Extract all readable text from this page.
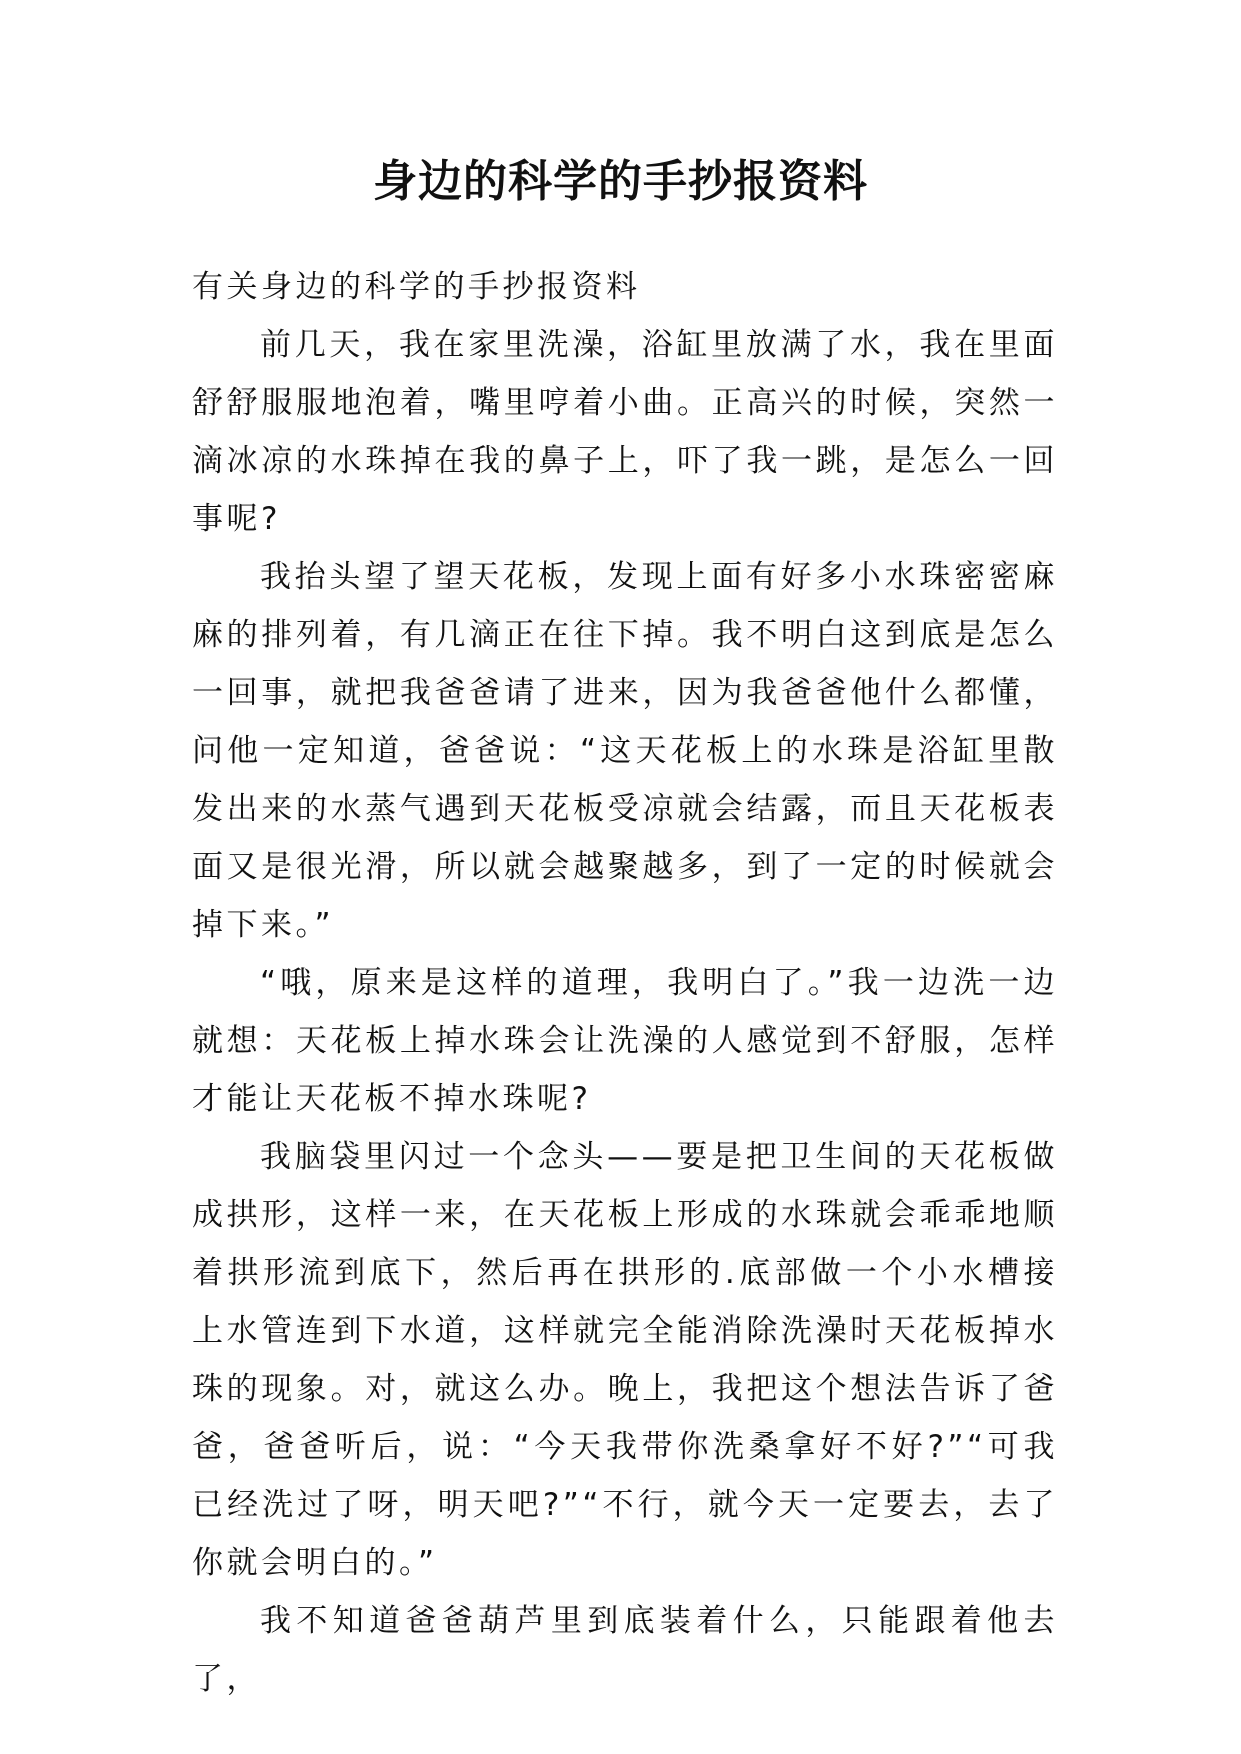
身边的科学的手抄报资料

有关身边的科学的手抄报资料

前几天，我在家里洗澡，浴缸里放满了水，我在里面舒舒服服地泡着，嘴里哼着小曲。正高兴的时候，突然一滴冰凉的水珠掉在我的鼻子上，吓了我一跳，是怎么一回事呢?

我抬头望了望天花板，发现上面有好多小水珠密密麻麻的排列着，有几滴正在往下掉。我不明白这到底是怎么一回事，就把我爸爸请了进来，因为我爸爸他什么都懂，问他一定知道，爸爸说：“这天花板上的水珠是浴缸里散发出来的水蒸气遇到天花板受凉就会结露，而且天花板表面又是很光滑，所以就会越聚越多，到了一定的时候就会掉下来。”

“哦，原来是这样的道理，我明白了。”我一边洗一边就想：天花板上掉水珠会让洗澡的人感觉到不舒服，怎样才能让天花板不掉水珠呢?

我脑袋里闪过一个念头——要是把卫生间的天花板做成拱形，这样一来，在天花板上形成的水珠就会乖乖地顺着拱形流到底下，然后再在拱形的.底部做一个小水槽接上水管连到下水道，这样就完全能消除洗澡时天花板掉水珠的现象。对，就这么办。晚上，我把这个想法告诉了爸爸，爸爸听后，说：“今天我带你洗桑拿好不好?”“可我已经洗过了呀，明天吧?”“不行，就今天一定要去，去了你就会明白的。”

我不知道爸爸葫芦里到底装着什么，只能跟着他去了，
